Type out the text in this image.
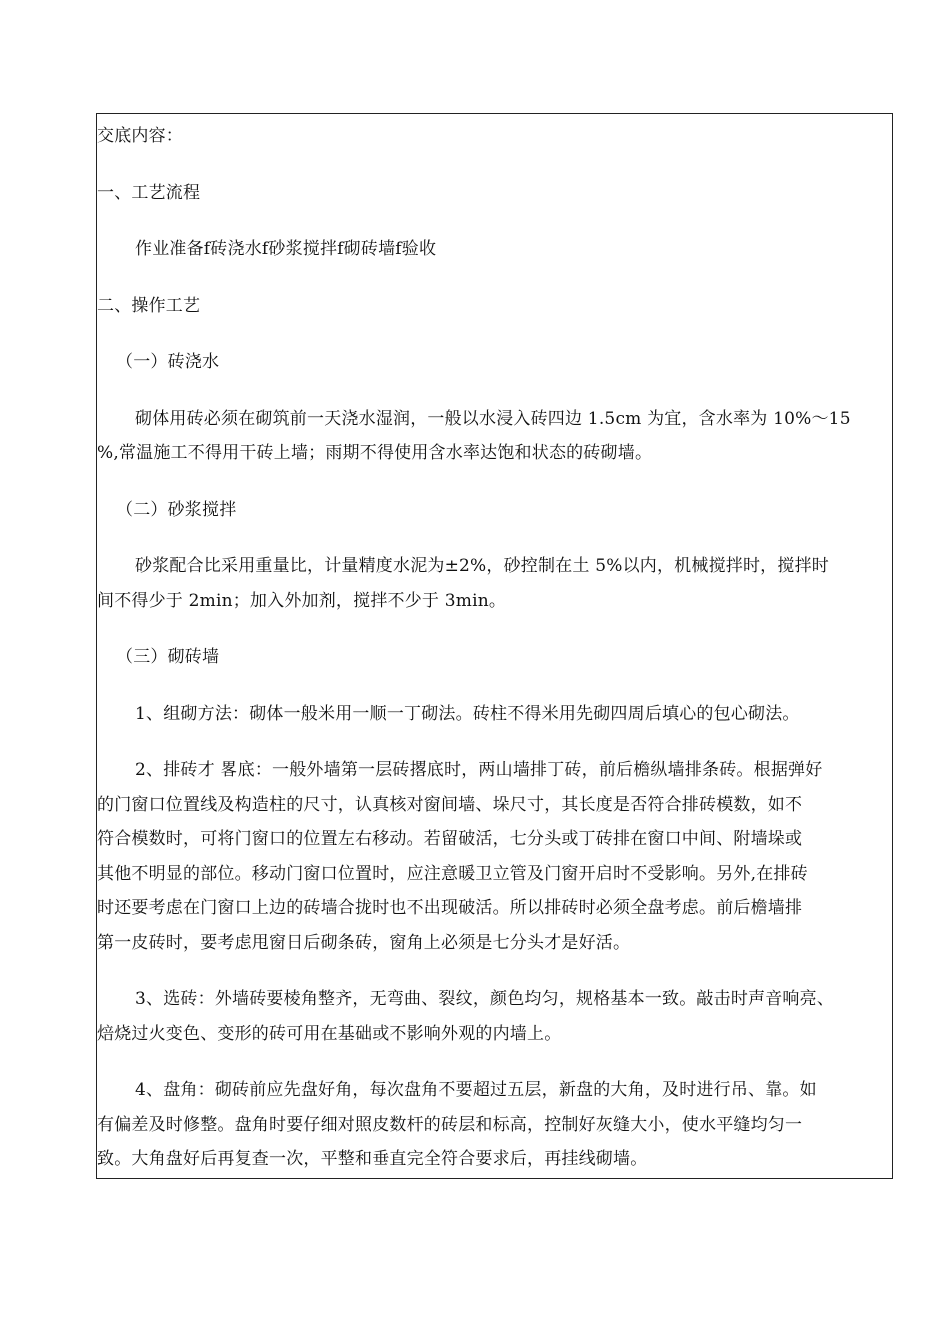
交底内容：
一、工艺流程
作业准备f砖浇水f砂浆搅拌f砌砖墙f验收
二、操作工艺
（一）砖浇水
砌体用砖必须在砌筑前一天浇水湿润，一般以水浸入砖四边 1.5cm 为宜，含水率为 10%〜15
%,常温施工不得用干砖上墙；雨期不得使用含水率达饱和状态的砖砌墙。
（二）砂浆搅拌
砂浆配合比采用重量比，计量精度水泥为±2%，砂控制在土 5%以内，机械搅拌时，搅拌时
间不得少于 2min；加入外加剂，搅拌不少于 3min。
（三）砌砖墙
1、组砌方法：砌体一般米用一顺一丁砌法。砖柱不得米用先砌四周后填心的包心砌法。
2、排砖才 畧底：一般外墙第一层砖撂底时，两山墙排丁砖，前后檐纵墙排条砖。根据弹好
的门窗口位置线及构造柱的尺寸，认真核对窗间墙、垛尺寸，其长度是否符合排砖模数，如不
符合模数时，可将门窗口的位置左右移动。若留破活，七分头或丁砖排在窗口中间、附墙垛或
其他不明显的部位。移动门窗口位置时，应注意暖卫立管及门窗开启时不受影响。另外,在排砖
时还要考虑在门窗口上边的砖墙合拢时也不出现破活。所以排砖时必须全盘考虑。前后檐墙排
第一皮砖时，要考虑甩窗日后砌条砖，窗角上必须是七分头才是好活。
3、选砖：外墙砖要棱角整齐，无弯曲、裂纹，颜色均匀，规格基本一致。敲击时声音响亮、
焙烧过火变色、变形的砖可用在基础或不影响外观的内墙上。
4、盘角：砌砖前应先盘好角，每次盘角不要超过五层，新盘的大角，及时进行吊、靠。如
有偏差及时修整。盘角时要仔细对照皮数杆的砖层和标高，控制好灰缝大小，使水平缝均匀一
致。大角盘好后再复查一次，平整和垂直完全符合要求后，再挂线砌墙。
